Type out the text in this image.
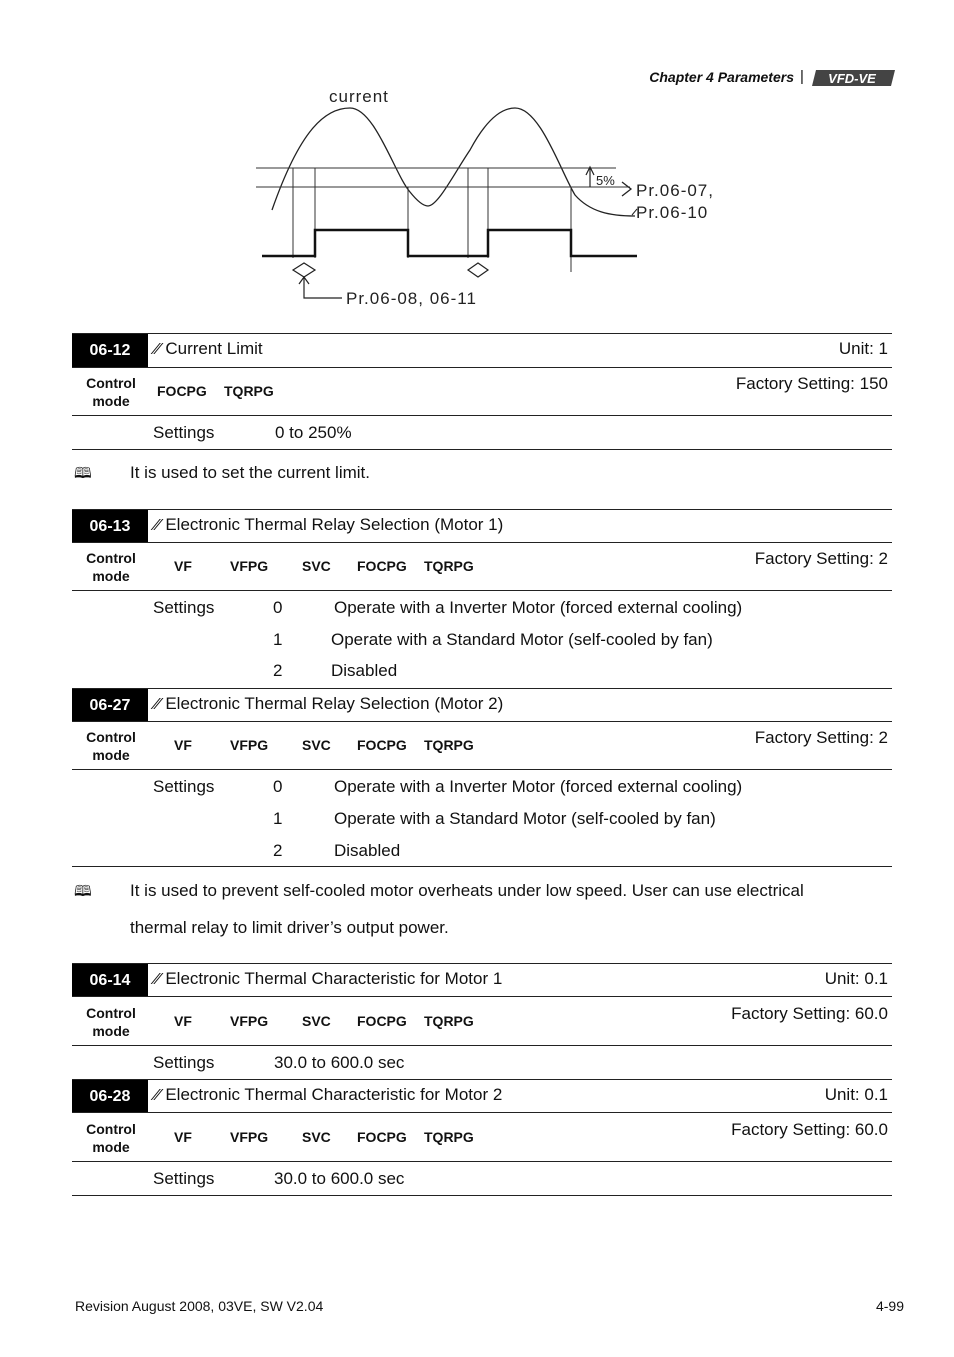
Chapter 4 Parameters | VFD-VE
current
5%
Pr.06-07,
Pr.06-10
Pr.06-08, 06-11
06-12	⁄⁄ Current Limit	Unit: 1
Control mode
FOCPG TQRPG	Factory Setting: 150
Settings	0 to 250%
🕮 It is used to set the current limit.
06-13	⁄⁄ Electronic Thermal Relay Selection (Motor 1)
Control mode
VF	VFPG SVC FOCPG TQRPG	Factory Setting: 2
Settings	0	Operate with a Inverter Motor (forced external cooling)
1	Operate with a Standard Motor (self-cooled by fan)
2	Disabled
06-27	⁄⁄ Electronic Thermal Relay Selection (Motor 2)
Control mode
VF	VFPG SVC FOCPG TQRPG	Factory Setting: 2
Settings	0	Operate with a Inverter Motor (forced external cooling)
1	Operate with a Standard Motor (self-cooled by fan)
2	Disabled
🕮 It is used to prevent self-cooled motor overheats under low speed. User can use electrical
thermal relay to limit driver’s output power.
06-14	⁄⁄ Electronic Thermal Characteristic for Motor 1	Unit: 0.1
Control mode
VF	VFPG SVC FOCPG TQRPG	Factory Setting: 60.0
Settings	30.0 to 600.0 sec
06-28	⁄⁄ Electronic Thermal Characteristic for Motor 2	Unit: 0.1
Control mode
VF	VFPG SVC FOCPG TQRPG	Factory Setting: 60.0
Settings	30.0 to 600.0 sec
Revision August 2008, 03VE, SW V2.04	4-99
